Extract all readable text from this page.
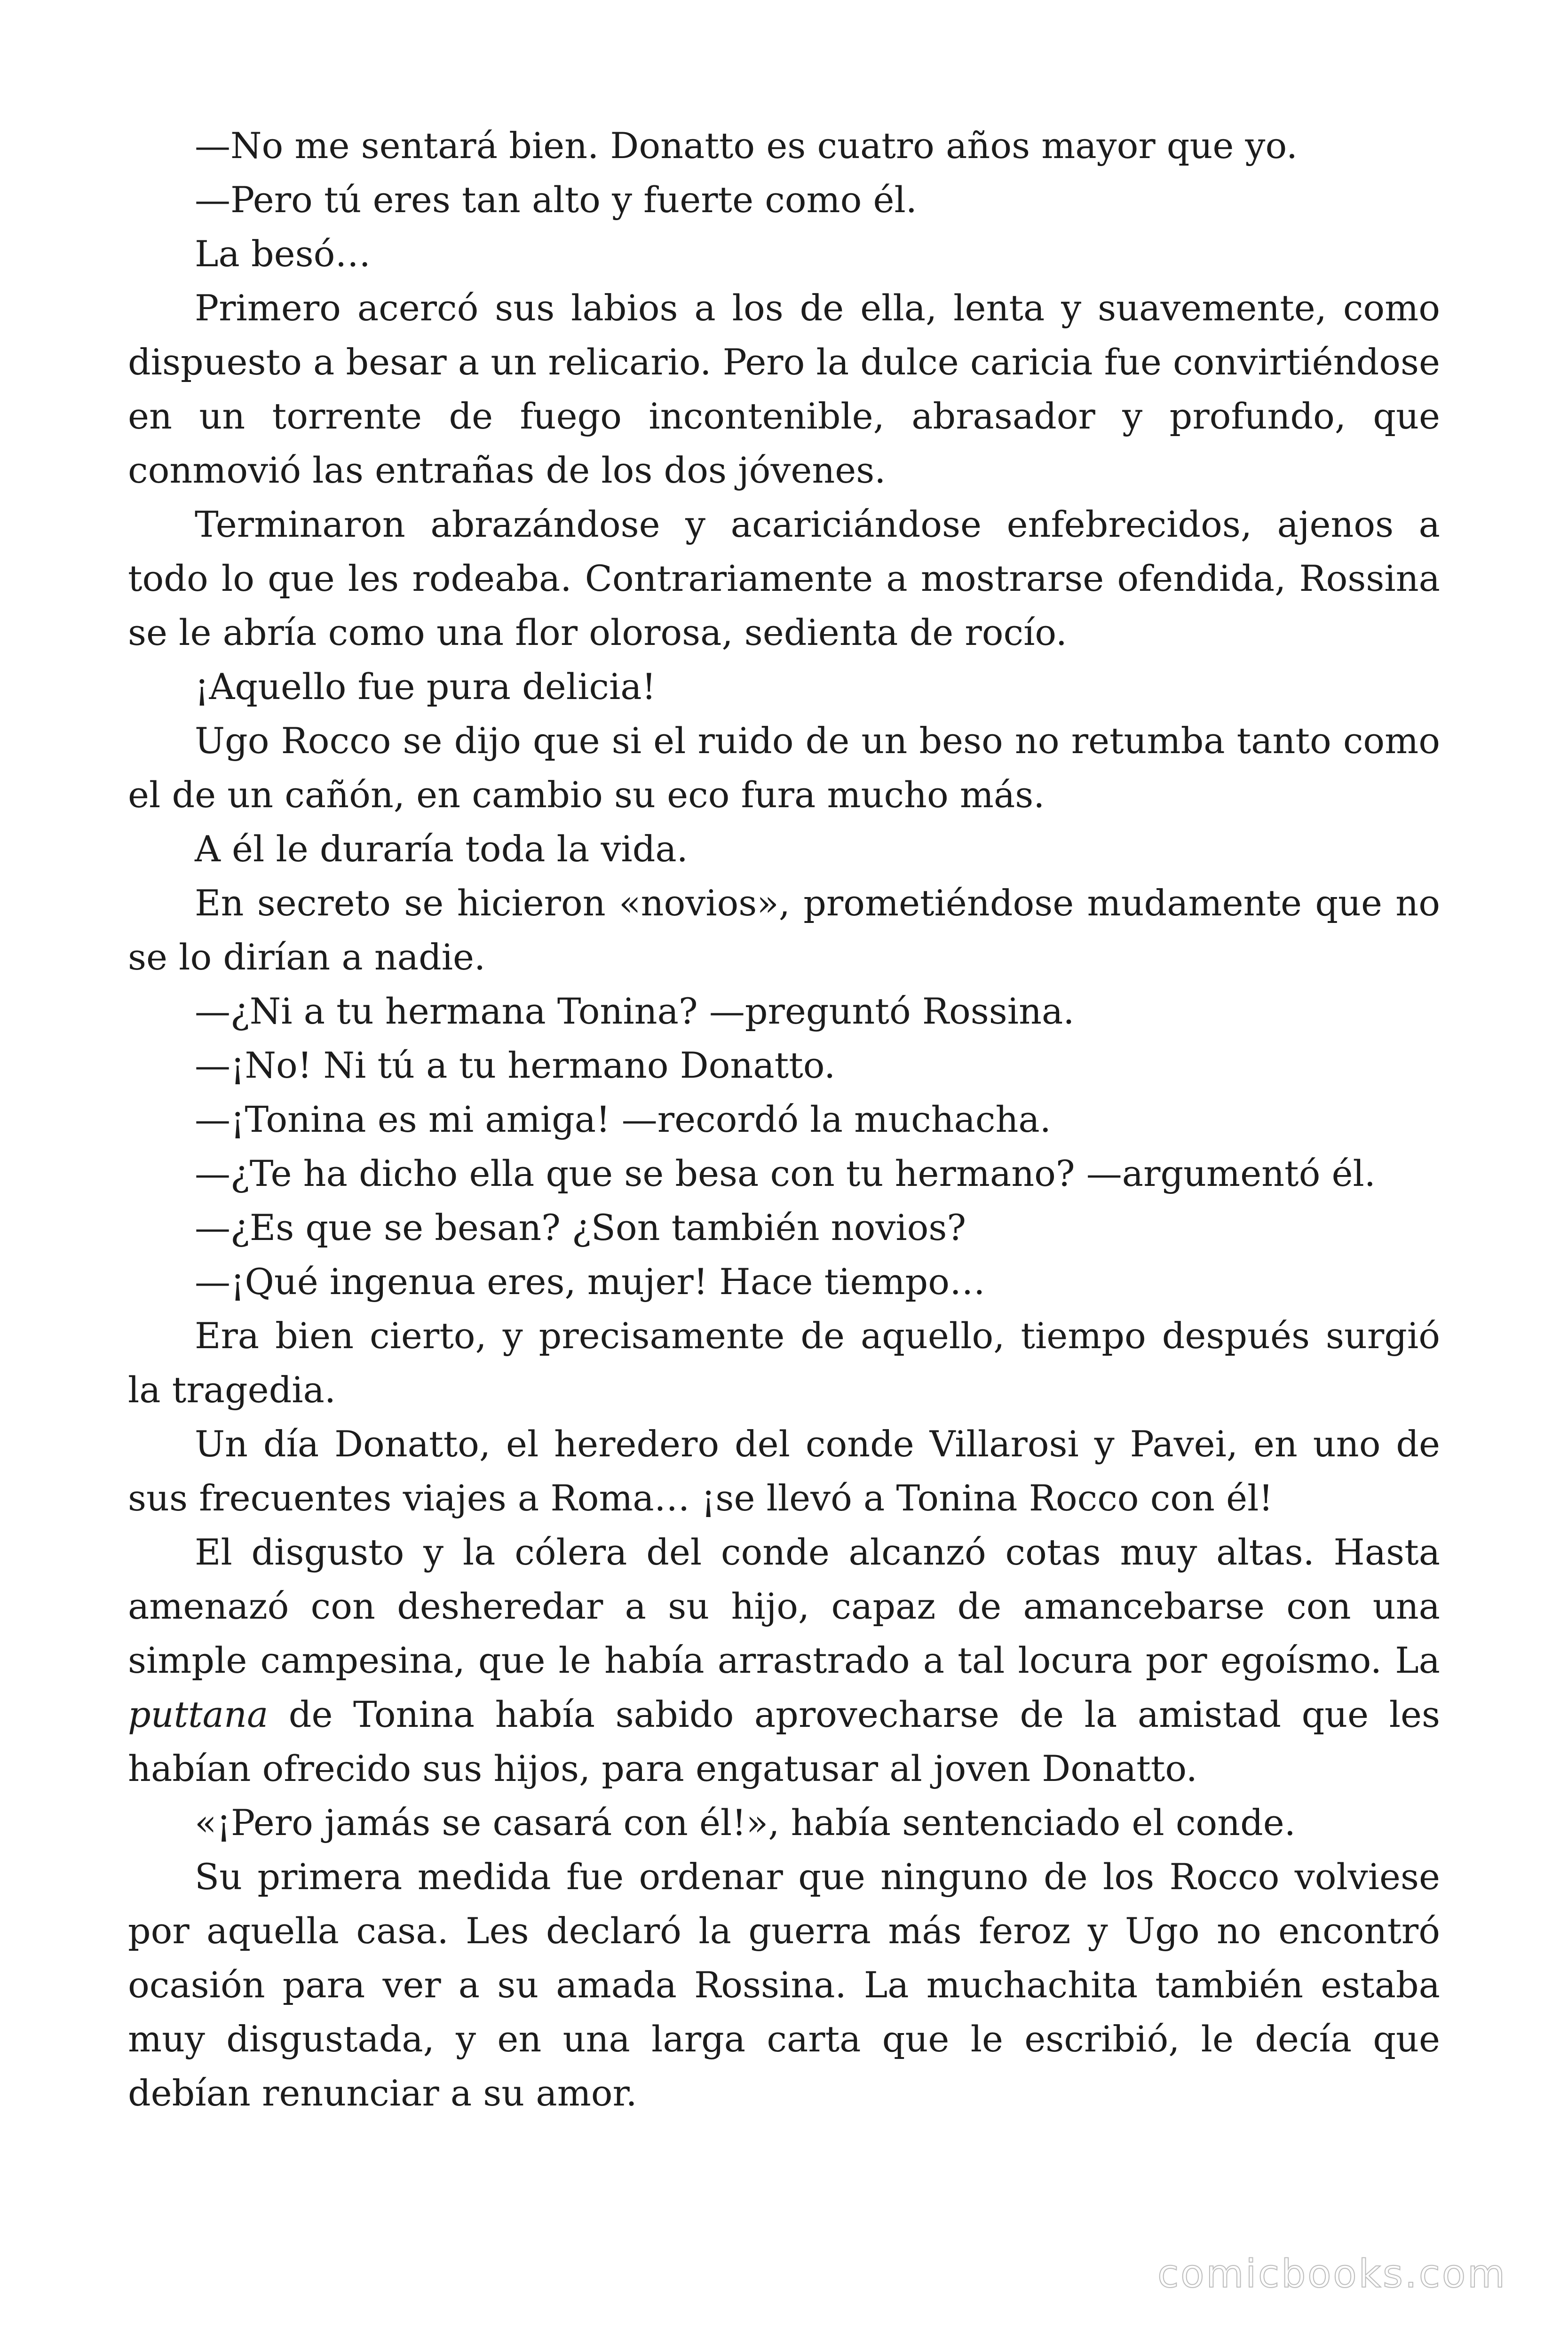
—No me sentará bien. Donatto es cuatro años mayor que yo.

—Pero tú eres tan alto y fuerte como él.

La besó…

Primero acercó sus labios a los de ella, lenta y suavemente, como dispuesto a besar a un relicario. Pero la dulce caricia fue convirtiéndose en un torrente de fuego incontenible, abrasador y profundo, que conmovió las entrañas de los dos jóvenes.

Terminaron abrazándose y acariciándose enfebrecidos, ajenos a todo lo que les rodeaba. Contrariamente a mostrarse ofendida, Rossina se le abría como una flor olorosa, sedienta de rocío.

¡Aquello fue pura delicia!

Ugo Rocco se dijo que si el ruido de un beso no retumba tanto como el de un cañón, en cambio su eco fura mucho más.

A él le duraría toda la vida.

En secreto se hicieron «novios», prometiéndose mudamente que no se lo dirían a nadie.

—¿Ni a tu hermana Tonina? —preguntó Rossina.

—¡No! Ni tú a tu hermano Donatto.

—¡Tonina es mi amiga! —recordó la muchacha.

—¿Te ha dicho ella que se besa con tu hermano? —argumentó él.

—¿Es que se besan? ¿Son también novios?

—¡Qué ingenua eres, mujer! Hace tiempo…

Era bien cierto, y precisamente de aquello, tiempo después surgió la tragedia.

Un día Donatto, el heredero del conde Villarosi y Pavei, en uno de sus frecuentes viajes a Roma… ¡se llevó a Tonina Rocco con él!

El disgusto y la cólera del conde alcanzó cotas muy altas. Hasta amenazó con desheredar a su hijo, capaz de amancebarse con una simple campesina, que le había arrastrado a tal locura por egoísmo. La puttana de Tonina había sabido aprovecharse de la amistad que les habían ofrecido sus hijos, para engatusar al joven Donatto.

«¡Pero jamás se casará con él!», había sentenciado el conde.

Su primera medida fue ordenar que ninguno de los Rocco volviese por aquella casa. Les declaró la guerra más feroz y Ugo no encontró ocasión para ver a su amada Rossina. La muchachita también estaba muy disgustada, y en una larga carta que le escribió, le decía que debían renunciar a su amor.

comicbooks.com
